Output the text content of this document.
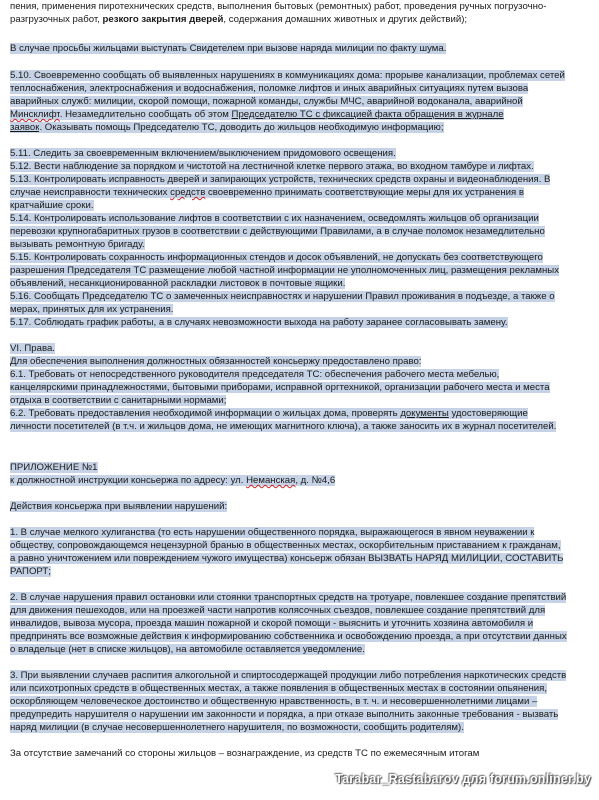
пения, применения пиротехнических средств, выполнения бытовых (ремонтных) работ, проведения ручных погрузочно-
разгрузочных работ, резкого закрытия дверей, содержания домашних животных и других действий);
В случае просьбы жильцами выступать Свидетелем при вызове наряда милиции по факту шума.
5.10. Своевременно сообщать об выявленных нарушениях в коммуникациях дома: прорыве канализации, проблемах сетей
теплоснабжения, электроснабжения и водоснабжения, поломке лифтов и иных аварийных ситуациях путем вызова
аварийных служб: милиции, скорой помощи, пожарной команды, службы МЧС, аварийной водоканала, аварийной
Минсклифт. Незамедлительно сообщать об этом Председателю ТС с фиксацией факта обращения в журнале
заявок. Оказывать помощь Председателю ТС, доводить до жильцов необходимую информацию;
5.11. Следить за своевременным включением/выключением придомового освещения.
5.12. Вести наблюдение за порядком и чистотой на лестничной клетке первого этажа, во входном тамбуре и лифтах.
5.13. Контролировать исправность дверей и запирающих устройств, технических средств охраны и видеонаблюдения. В
случае неисправности технических средств своевременно принимать соответствующие меры для их устранения в
кратчайшие сроки.
5.14. Контролировать использование лифтов в соответствии с их назначением, осведомлять жильцов об организации
перевозки крупногабаритных грузов в соответствии с действующими Правилами, а в случае поломок незамедлительно
вызывать ремонтную бригаду.
5.15. Контролировать сохранность информационных стендов и досок объявлений, не допускать без соответствующего
разрешения Председателя ТС размещение любой частной информации не уполномоченных лиц, размещения рекламных
объявлений, несанкционированной раскладки листовок в почтовые ящики.
5.16. Сообщать Председателю ТС о замеченных неисправностях и нарушении Правил проживания в подъезде, а также о
мерах, принятых для их устранения.
5.17. Соблюдать график работы, а в случаях невозможности выхода на работу заранее согласовывать замену.
VI. Права.
Для обеспечения выполнения должностных обязанностей консьержу предоставлено право:
6.1. Требовать от непосредственного руководителя председателя ТС: обеспечения рабочего места мебелью,
канцелярскими принадлежностями, бытовыми приборами, исправной оргтехникой, организации рабочего места и места
отдыха в соответствии с санитарными нормами;
6.2. Требовать предоставления необходимой информации о жильцах дома, проверять документы удостоверяющие
личности посетителей (в т.ч. и жильцов дома, не имеющих магнитного ключа), а также заносить их в журнал посетителей.
ПРИЛОЖЕНИЕ №1
к должностной инструкции консьержа по адресу: ул. Неманская, д. №4,6
Действия консьержа при выявлении нарушений:
1. В случае мелкого хулиганства (то есть нарушении общественного порядка, выражающегося в явном неуважении к
обществу, сопровождающемся нецензурной бранью в общественных местах, оскорбительным приставанием к гражданам,
а равно уничтожением или повреждением чужого имущества) консьерж обязан ВЫЗВАТЬ НАРЯД МИЛИЦИИ, СОСТАВИТЬ
РАПОРТ;
2. В случае нарушения правил остановки или стоянки транспортных средств на тротуаре, повлекшее создание препятствий
для движения пешеходов, или на проезжей части напротив колясочных съездов, повлекшее создание препятствий для
инвалидов, вывоза мусора, проезда машин пожарной и скорой помощи - выяснить и уточнить хозяина автомобиля и
предпринять все возможные действия к информированию собственника и освобождению проезда, а при отсутствии данных
о владельце (нет в списке жильцов), на автомобиле оставляется уведомление.
3. При выявлении случаев распития алкогольной и спиртосодержащей продукции либо потребления наркотических средств
или психотропных средств в общественных местах, а также появления в общественных местах в состоянии опьянения,
оскорбляющем человеческое достоинство и общественную нравственность, в т. ч. и несовершеннолетними лицами –
предупредить нарушителя о нарушении им законности и порядка, а при отказе выполнить законные требования - вызвать
наряд милиции (в случае несовершеннолетнего нарушителя, по возможности, сообщить родителям).
За отсутствие замечаний со стороны жильцов – вознаграждение, из средств ТС по ежемесячным итогам
Tarabar_Rastabarov для forum.onliner.by
